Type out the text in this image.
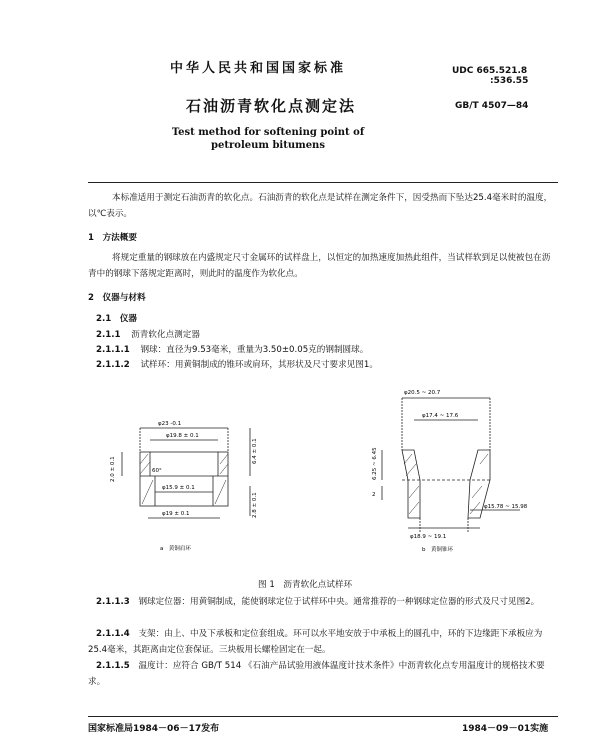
中华人民共和国国家标准	UDC 665.521.8
:536.55
石油沥青软化点测定法	GB/T 4507—84
Test method for softening point of
petroleum bitumens
本标准适用于测定石油沥青的软化点。石油沥青的软化点是试样在测定条件下，因受热而下坠达25.4毫米时的温度，以℃表示。
1　方法概要
将规定重量的钢球放在内盛规定尺寸金属环的试样盘上，以恒定的加热速度加热此组件，当试样软到足以使被包在沥青中的钢球下落规定距离时，则此时的温度作为软化点。
2　仪器与材料
2.1　仪器
2.1.1 沥青软化点测定器
2.1.1.1 钢球：直径为9.53毫米，重量为3.50±0.05克的钢制圆球。
2.1.1.2 试样环：用黄铜制成的锥环或肩环，其形状及尺寸要求见图1。
φ23 -0.1
φ19.8 ± 0.1
60°
φ15.9 ± 0.1
φ19 ± 0.1
2.0 ± 0.1
6.4 ± 0.1
2.8 ± 0.1
a　黄铜肩环
φ20.5 ~ 20.7
φ17.4 ~ 17.6
6.25 ~ 6.45
2
φ15.78 ~ 15.98
φ18.9 ~ 19.1
b　黄铜锥环
图 1　沥青软化点试样环
2.1.1.3 钢球定位器：用黄铜制成，能使钢球定位于试样环中央。通常推荐的一种钢球定位器的形式及尺寸见图2。
2.1.1.4 支架：由上、中及下承板和定位套组成。环可以水平地安放于中承板上的圆孔中，环的下边缘距下承板应为25.4毫米，其距离由定位套保证。三块板用长螺栓固定在一起。
2.1.1.5 温度计：应符合 GB/T 514 《石油产品试验用液体温度计技术条件》中沥青软化点专用温度计的规格技术要求。
国家标准局1984－06－17发布	1984－09－01实施
